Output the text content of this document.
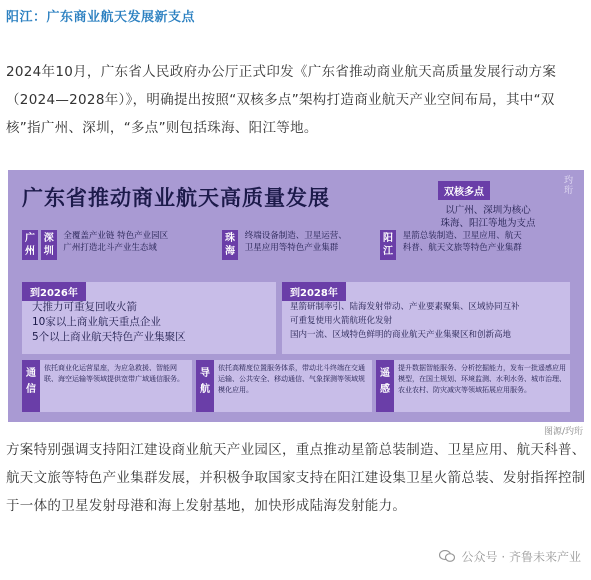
阳江：广东商业航天发展新支点
2024年10月，广东省人民政府办公厅正式印发《广东省推动商业航天高质量发展行动方案（2024—2028年）》，明确提出按照“双核多点”架构打造商业航天产业空间布局，其中“双核”指广州、深圳，“多点”则包括珠海、阳江等地。
广东省推动商业航天高质量发展	双核多点
以广州、深圳为核心
珠海、阳江等地为支点
玓珩
广州 深圳
全覆盖产业链 特色产业园区
广州打造北斗产业生态域
珠海
终端设备制造、卫星运营、
卫星应用等特色产业集群
阳江
星箭总装制造、卫星应用、航天
科普、航天文旅等特色产业集群
到2026年
大推力可重复回收火箭
10家以上商业航天重点企业
5个以上商业航天特色产业集聚区
到2028年
星箭研制率引、陆海发射带动、产业要素聚集、区域协同互补
可重复使用火箭航班化发射
国内一流、区域特色鲜明的商业航天产业集聚区和创新高地
通信
依托商业化运营星座，为应急救援、智能网联、海空运输等领域提供宽带广域通信服务。	导航
依托高精度位置服务体系，带动北斗终端在交通运输、公共安全、移动通信、气象探测等领域规模化应用。
遥感
提升数据智能服务、分析挖掘能力，发布一批遥感应用模型，在国土规划、环境监测、水利水务、城市治理、农业农村、防灾减灾等领域拓展应用服务。
图源/玓珩
方案特别强调支持阳江建设商业航天产业园区，重点推动星箭总装制造、卫星应用、航天科普、航天文旅等特色产业集群发展，并积极争取国家支持在阳江建设集卫星火箭总装、发射指挥控制于一体的卫星发射母港和海上发射基地，加快形成陆海发射能力。
公众号 · 齐鲁未来产业
